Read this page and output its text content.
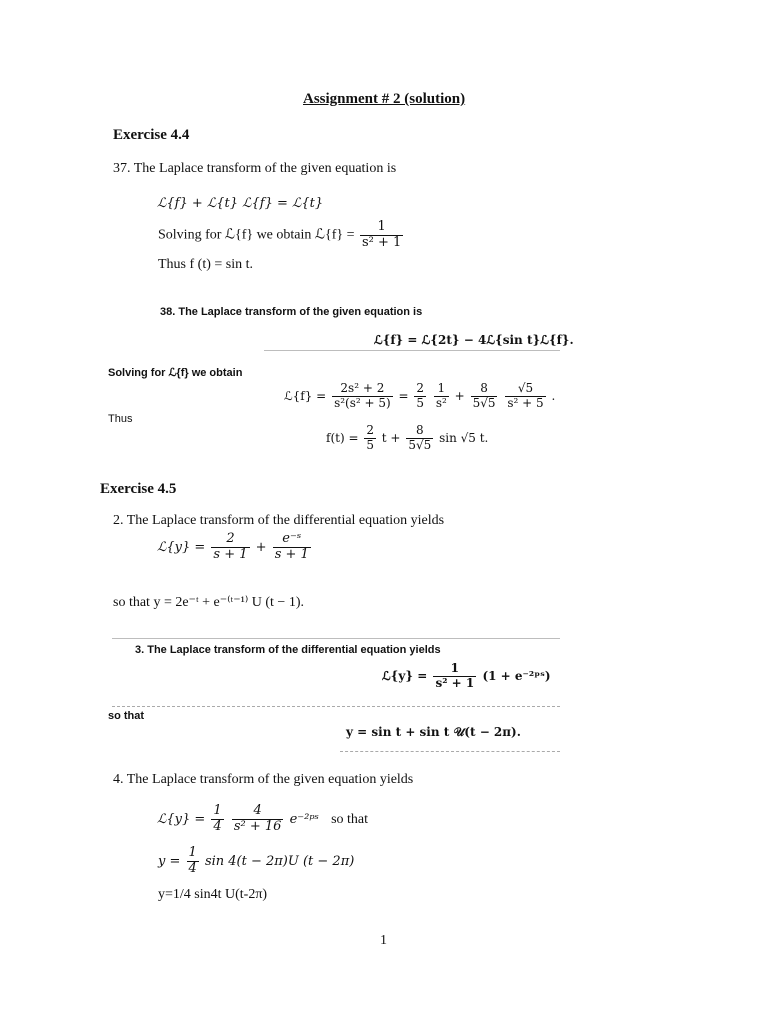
Assignment # 2 (solution)
Exercise 4.4
37. The Laplace transform of the given equation is
ℒ{f} + ℒ{t} ℒ{f} = ℒ{t}
Solving for ℒ{f} we obtain ℒ{f} = $\frac{1}{\text{s² + 1}}$
Thus f (t) = sin t.
38. The Laplace transform of the given equation is
ℒ{f} = ℒ{2t} − 4ℒ{sin t}ℒ{f}.
Solving for ℒ{f} we obtain
ℒ{f} = $\frac{\text{2s² + 2}}{\text{s²(s² + 5)}} = \frac{2}{5}$
$\frac{1}{\text{s²}} + \frac{8}{5√5}$
$\frac{√5}{\text{s² + 5}}$ .
Thus
$f(t) = \frac{2}{5}$ $t + \frac{8}{5√5}$ sin √5 t.
Exercise 4.5
2. The Laplace transform of the differential equation yields
ℒ{y} = $\frac{2}{s + 1} + \frac{\text{e⁻ˢ}}{s + 1}$
so that y = 2e⁻ᵗ + e⁻⁽ᵗ⁻¹⁾ U (t − 1).
3. The Laplace transform of the differential equation yields
ℒ{y} = $\frac{1}{\text{s² + 1}} (1$ + e⁻²ᵖˢ)
so that
y = sin t + sin t 𝒰(t − 2π).
4. The Laplace transform of the given equation yields
ℒ{y} = $\frac{1}{4}$
$\frac{4}{\text{s² + 16}}$ e⁻²ᵖˢ so that
$y = \frac{1}{4}$ sin 4(t − 2π)U (t − 2π)
y=1/4 sin4t U(t-2π)
1
